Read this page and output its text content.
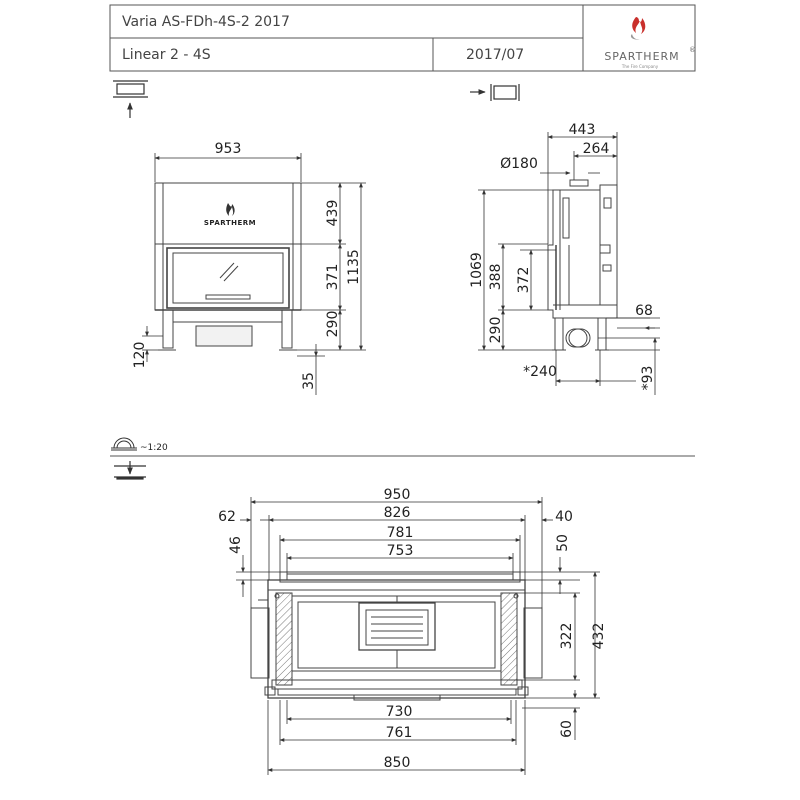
Varia AS-FDh-4S-2 2017
Linear 2 - 4S	2017/07	SPARTHERM ®
The Fire Company
SPARTHERM
953
439
371
290
1135
120
35
443
264
Ø180
1069 388 372
290
68
*240	*93
~1:20
950
826
781
753
62	40
46	50
322 432
60
730
761
850
